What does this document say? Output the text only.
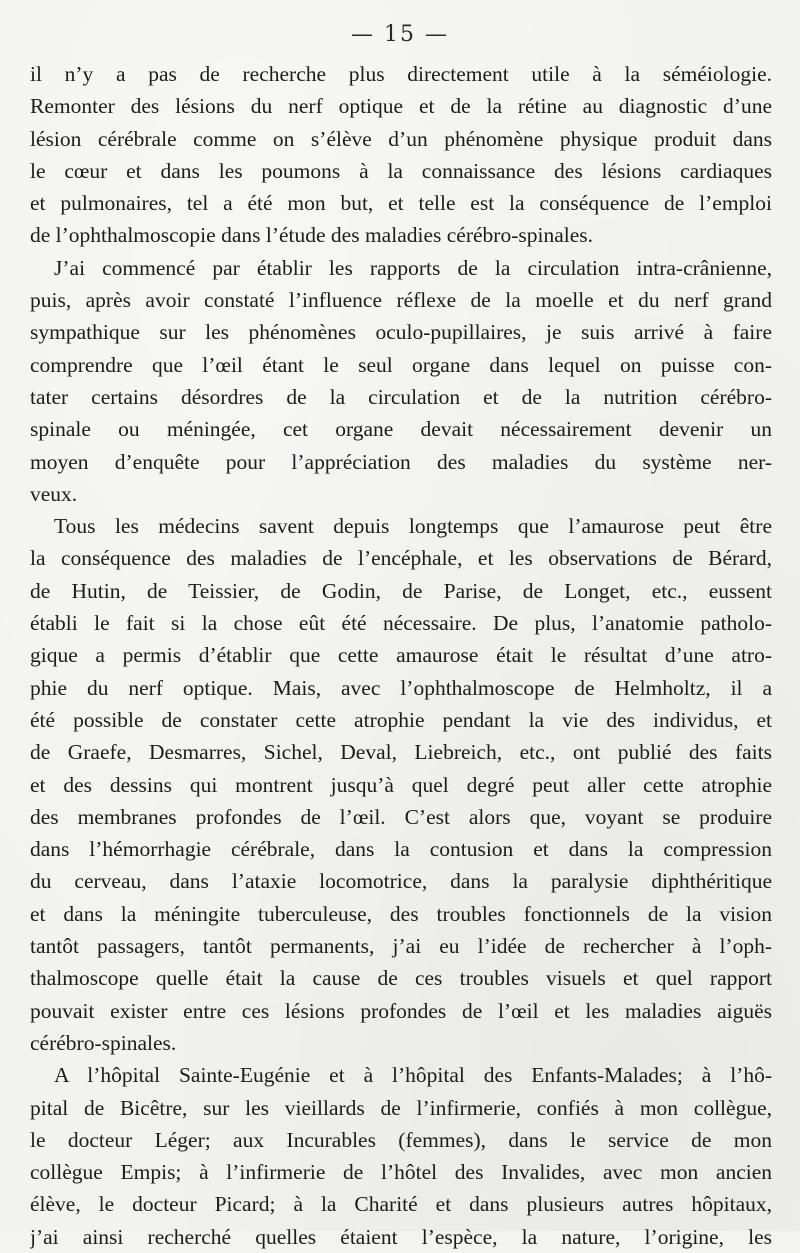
— 15 —
il n’y a pas de recherche plus directement utile à la séméiologie.
Remonter des lésions du nerf optique et de la rétine au diagnostic d’une
lésion cérébrale comme on s’élève d’un phénomène physique produit dans
le cœur et dans les poumons à la connaissance des lésions cardiaques
et pulmonaires, tel a été mon but, et telle est la conséquence de l’emploi
de l’ophthalmoscopie dans l’étude des maladies cérébro-spinales.
J’ai commencé par établir les rapports de la circulation intra-crânienne,
puis, après avoir constaté l’influence réflexe de la moelle et du nerf grand
sympathique sur les phénomènes oculo-pupillaires, je suis arrivé à faire
comprendre que l’œil étant le seul organe dans lequel on puisse con-
tater certains désordres de la circulation et de la nutrition cérébro-
spinale ou méningée, cet organe devait nécessairement devenir un
moyen d’enquête pour l’appréciation des maladies du système ner-
veux.
Tous les médecins savent depuis longtemps que l’amaurose peut être
la conséquence des maladies de l’encéphale, et les observations de Bérard,
de Hutin, de Teissier, de Godin, de Parise, de Longet, etc., eussent
établi le fait si la chose eût été nécessaire. De plus, l’anatomie patholo-
gique a permis d’établir que cette amaurose était le résultat d’une atro-
phie du nerf optique. Mais, avec l’ophthalmoscope de Helmholtz, il a
été possible de constater cette atrophie pendant la vie des individus, et
de Graefe, Desmarres, Sichel, Deval, Liebreich, etc., ont publié des faits
et des dessins qui montrent jusqu’à quel degré peut aller cette atrophie
des membranes profondes de l’œil. C’est alors que, voyant se produire
dans l’hémorrhagie cérébrale, dans la contusion et dans la compression
du cerveau, dans l’ataxie locomotrice, dans la paralysie diphthéritique
et dans la méningite tuberculeuse, des troubles fonctionnels de la vision
tantôt passagers, tantôt permanents, j’ai eu l’idée de rechercher à l’oph-
thalmoscope quelle était la cause de ces troubles visuels et quel rapport
pouvait exister entre ces lésions profondes de l’œil et les maladies aiguës
cérébro-spinales.
A l’hôpital Sainte-Eugénie et à l’hôpital des Enfants-Malades; à l’hô-
pital de Bicêtre, sur les vieillards de l’infirmerie, confiés à mon collègue,
le docteur Léger; aux Incurables (femmes), dans le service de mon
collègue Empis; à l’infirmerie de l’hôtel des Invalides, avec mon ancien
élève, le docteur Picard; à la Charité et dans plusieurs autres hôpitaux,
j’ai ainsi recherché quelles étaient l’espèce, la nature, l’origine, les
